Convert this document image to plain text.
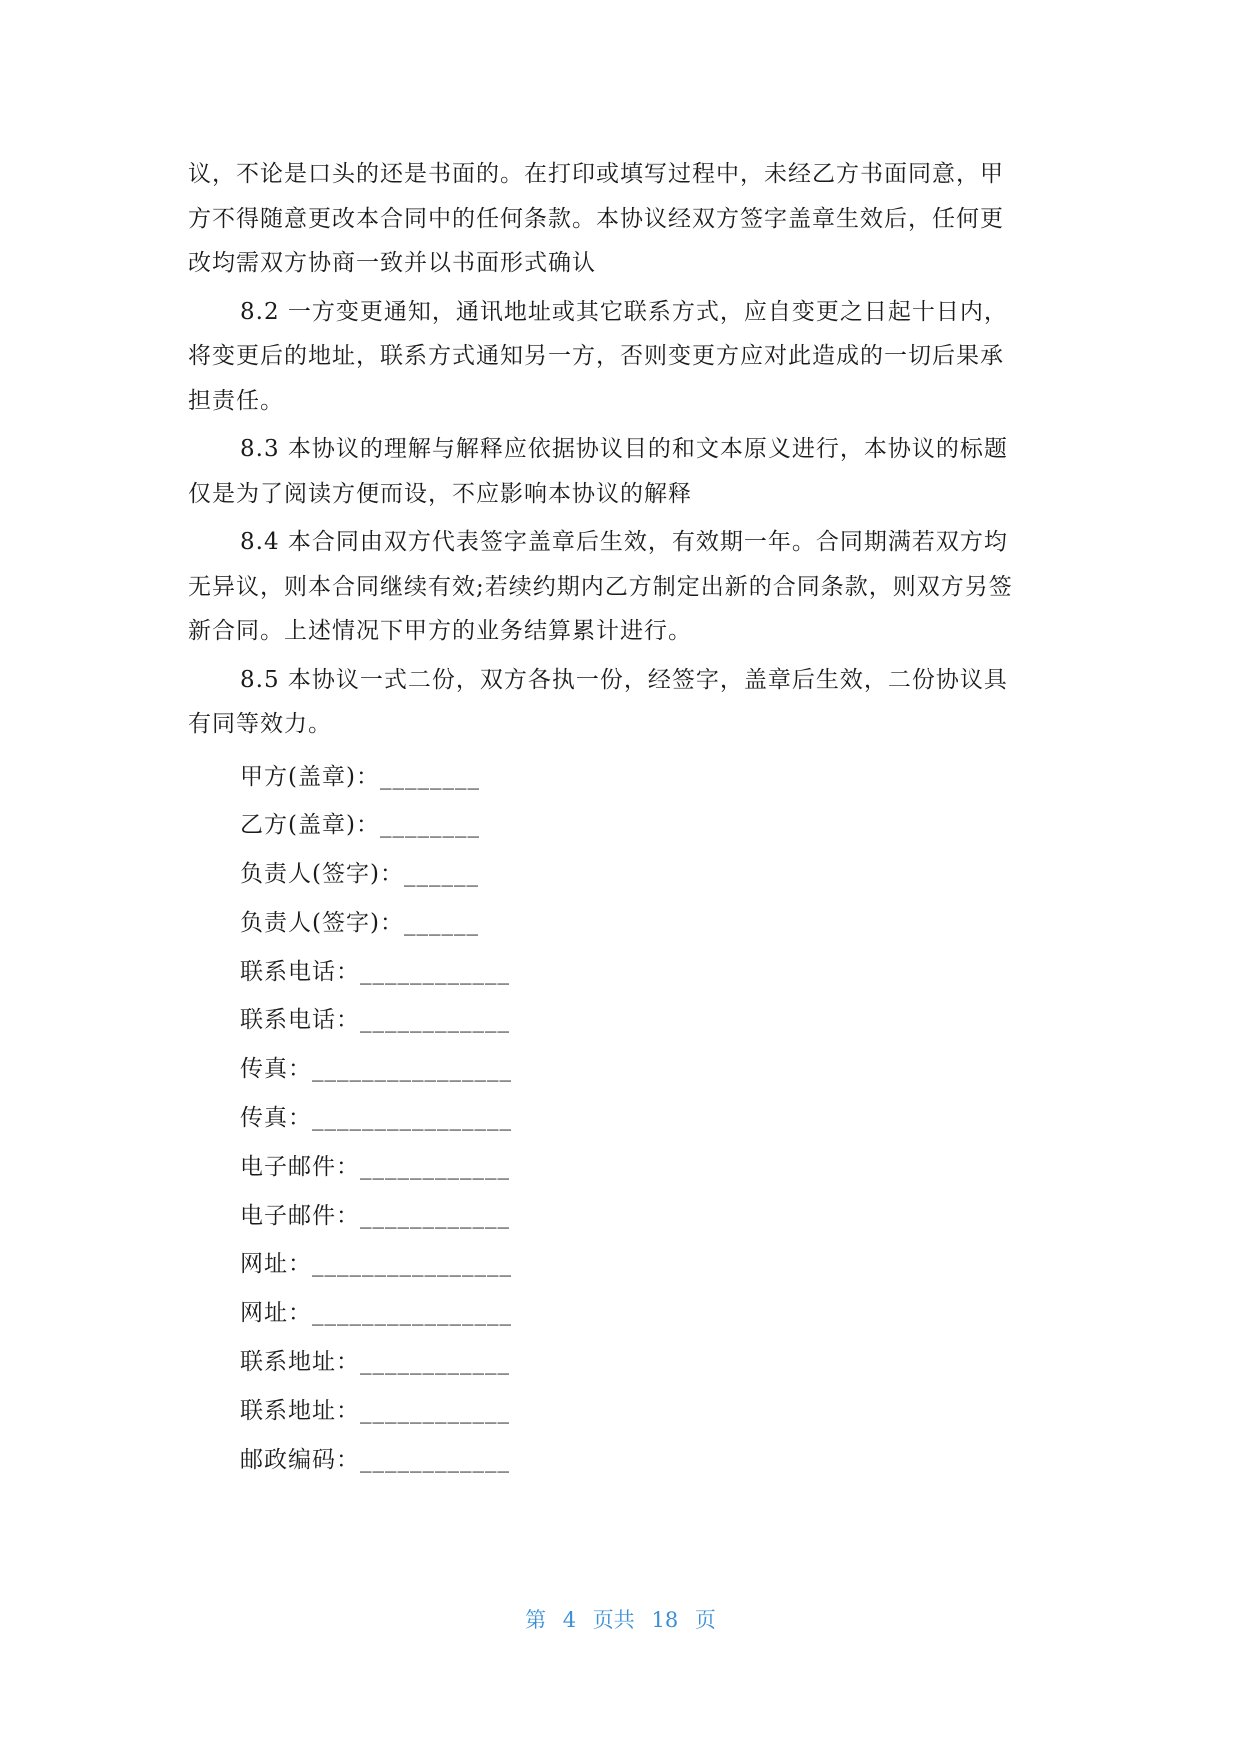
议，不论是口头的还是书面的。在打印或填写过程中，未经乙方书面同意，甲
方不得随意更改本合同中的任何条款。本协议经双方签字盖章生效后，任何更
改均需双方协商一致并以书面形式确认
8.2 一方变更通知，通讯地址或其它联系方式，应自变更之日起十日内，
将变更后的地址，联系方式通知另一方，否则变更方应对此造成的一切后果承
担责任。
8.3 本协议的理解与解释应依据协议目的和文本原义进行，本协议的标题
仅是为了阅读方便而设，不应影响本协议的解释
8.4 本合同由双方代表签字盖章后生效，有效期一年。合同期满若双方均
无异议，则本合同继续有效;若续约期内乙方制定出新的合同条款，则双方另签
新合同。上述情况下甲方的业务结算累计进行。
8.5 本协议一式二份，双方各执一份，经签字，盖章后生效，二份协议具
有同等效力。
甲方(盖章)：________
乙方(盖章)：________
负责人(签字)：______
负责人(签字)：______
联系电话：____________
联系电话：____________
传真：________________
传真：________________
电子邮件：____________
电子邮件：____________
网址：________________
网址：________________
联系地址：____________
联系地址：____________
邮政编码：____________
第 4 页共 18 页
